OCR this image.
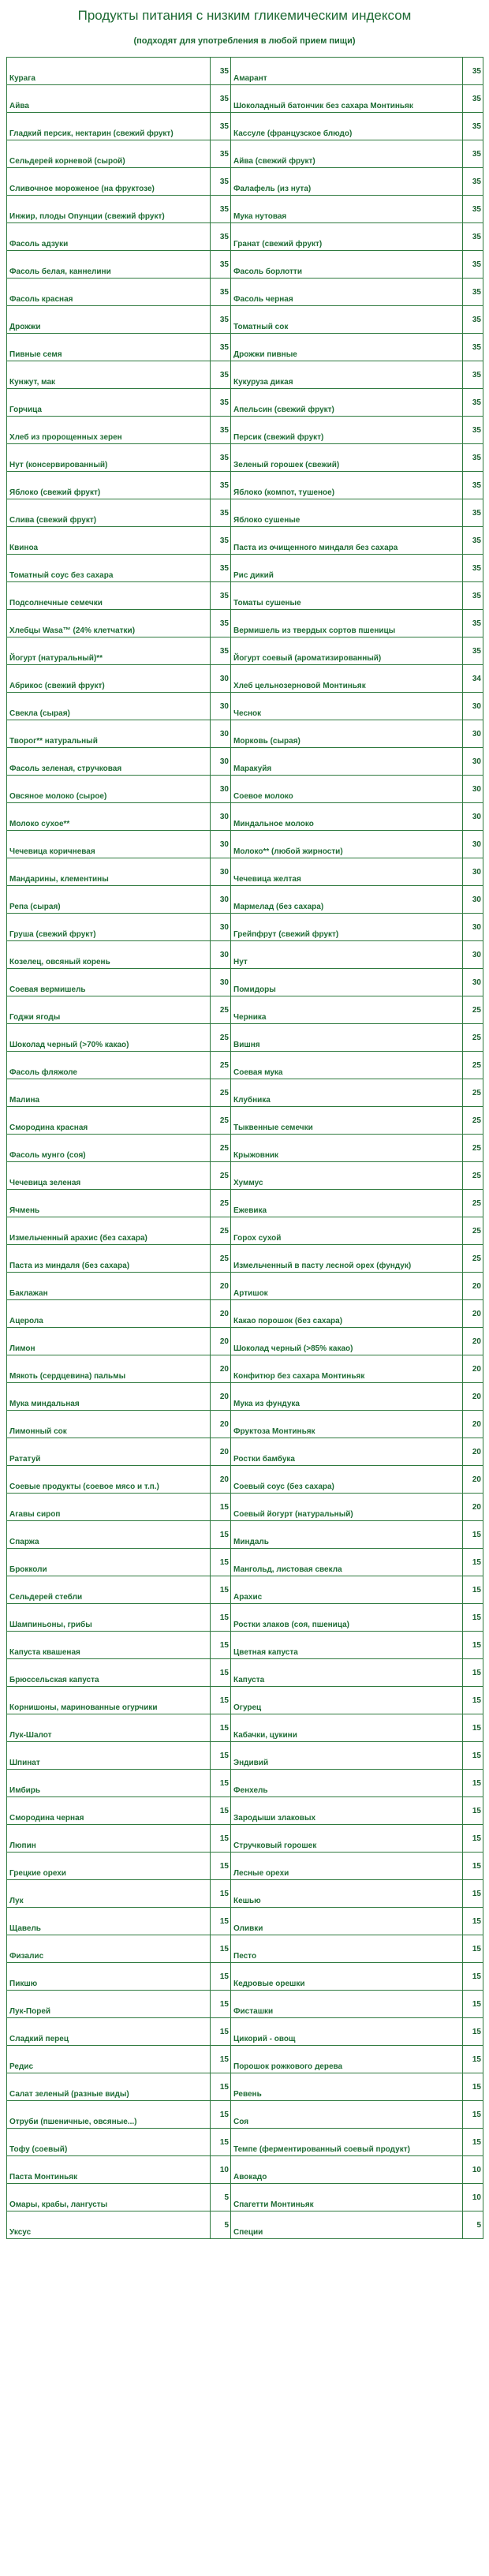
Продукты питания с низким гликемическим индексом
(подходят для употребления в любой прием пищи)
Курага	35	Амарант	35
Айва	35	Шоколадный батончик без сахара Монтиньяк	35
Гладкий персик, нектарин (свежий фрукт)	35	Кассуле (французское блюдо)	35
Сельдерей корневой (сырой)	35	Айва (свежий фрукт)	35
Сливочное мороженое (на фруктозе)	35	Фалафель (из нута)	35
Инжир, плоды Опунции (свежий фрукт)	35	Мука нутовая	35
Фасоль адзуки	35	Гранат (свежий фрукт)	35
Фасоль белая, каннелини	35	Фасоль борлотти	35
Фасоль красная	35	Фасоль черная	35
Дрожжи	35	Томатный сок	35
Пивные семя	35	Дрожжи пивные	35
Кунжут, мак	35	Кукуруза дикая	35
Горчица	35	Апельсин (свежий фрукт)	35
Хлеб из пророщенных зерен	35	Персик (свежий фрукт)	35
Нут (консервированный)	35	Зеленый горошек (свежий)	35
Яблоко (свежий фрукт)	35	Яблоко (компот, тушеное)	35
Слива (свежий фрукт)	35	Яблоко сушеные	35
Квиноа	35	Паста из очищенного миндаля без сахара	35
Томатный соус без сахара	35	Рис дикий	35
Подсолнечные семечки	35	Томаты сушеные	35
Хлебцы Wasa™ (24% клетчатки)	35	Вермишель из твердых сортов пшеницы	35
Йогурт (натуральный)**	35	Йогурт соевый (ароматизированный)	35
Абрикос (свежий фрукт)	30	Хлеб цельнозерновой Монтиньяк	34
Свекла (сырая)	30	Чеснок	30
Творог** натуральный	30	Морковь (сырая)	30
Фасоль зеленая, стручковая	30	Маракуйя	30
Овсяное молоко (сырое)	30	Соевое молоко	30
Молоко сухое**	30	Миндальное молоко	30
Чечевица коричневая	30	Молоко** (любой жирности)	30
Мандарины, клементины	30	Чечевица желтая	30
Репа (сырая)	30	Мармелад (без сахара)	30
Груша (свежий фрукт)	30	Грейпфрут (свежий фрукт)	30
Козелец, овсяный корень	30	Нут	30
Соевая вермишель	30	Помидоры	30
Годжи ягоды	25	Черника	25
Шоколад черный (>70% какао)	25	Вишня	25
Фасоль фляжоле	25	Соевая мука	25
Малина	25	Клубника	25
Смородина красная	25	Тыквенные семечки	25
Фасоль мунго (соя)	25	Крыжовник	25
Чечевица зеленая	25	Хуммус	25
Ячмень	25	Ежевика	25
Измельченный арахис (без сахара)	25	Горох сухой	25
Паста из миндаля (без сахара)	25	Измельченный в пасту лесной орех (фундук)	25
Баклажан	20	Артишок	20
Ацерола	20	Какао порошок (без сахара)	20
Лимон	20	Шоколад черный (>85% какао)	20
Мякоть (сердцевина) пальмы	20	Конфитюр без сахара Монтиньяк	20
Мука миндальная	20	Мука из фундука	20
Лимонный сок	20	Фруктоза Монтиньяк	20
Рататуй	20	Ростки бамбука	20
Соевые продукты (соевое мясо и т.п.)	20	Соевый соус (без сахара)	20
Агавы сироп	15	Соевый йогурт (натуральный)	20
Спаржа	15	Миндаль	15
Брокколи	15	Мангольд, листовая свекла	15
Сельдерей стебли	15	Арахис	15
Шампиньоны, грибы	15	Ростки злаков (соя, пшеница)	15
Капуста квашеная	15	Цветная капуста	15
Брюссельская капуста	15	Капуста	15
Корнишоны, маринованные огурчики	15	Огурец	15
Лук-Шалот	15	Кабачки, цукини	15
Шпинат	15	Эндивий	15
Имбирь	15	Фенхель	15
Смородина черная	15	Зародыши злаковых	15
Люпин	15	Стручковый горошек	15
Грецкие орехи	15	Лесные орехи	15
Лук	15	Кешью	15
Щавель	15	Оливки	15
Физалис	15	Песто	15
Пикшю	15	Кедровые орешки	15
Лук-Порей	15	Фисташки	15
Сладкий перец	15	Цикорий - овощ	15
Редис	15	Порошок рожкового дерева	15
Салат зеленый (разные виды)	15	Ревень	15
Отруби (пшеничные, овсяные...)	15	Соя	15
Тофу (соевый)	15	Темпе (ферментированный соевый продукт)	15
Паста Монтиньяк	10	Авокадо	10
Омары, крабы, лангусты	5	Спагетти Монтиньяк	10
Уксус	5	Специи	5
